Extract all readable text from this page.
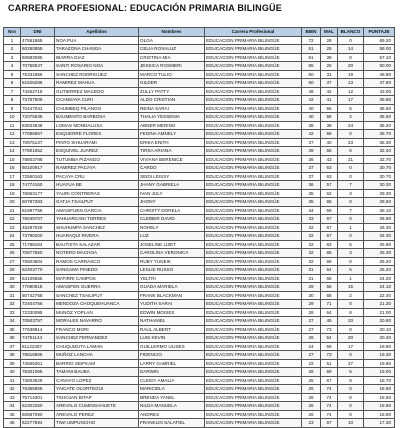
CARRERA PROFESIONAL: EDUCACIÓN PRIMARIA BILINGÜE
Nro	DNI	Apellidos	Nombres	Carrera Profesional	BIEN	MAL	BLANCO	PUNTAJE
1	47551865	NOA PUA	OLGA	EDUCACION PRIMARIA BILINGÜE	72	28	0	69.20
2	60280855	TARAZONA CHANGA	CELIA ROSALUZ	EDUCACION PRIMARIA BILINGÜE	61	25	14	59.00
3	60883095	IBARRA DIAZ	CRISTINA MIA	EDUCACION PRIMARIA BILINGÜE	61	39	0	57.10
4	70758537	SANTI ROSARIO NOA	JESSICA ROSMERI	EDUCACION PRIMARIA BILINGÜE	55	25	20	50.00
5	76331656	SANCHEZ RODRIGUEZ	MARCO TULIO	EDUCACION PRIMARIA BILINGÜE	50	31	19	48.80
6	61626286	RAMIREZ MAHUA	GILDER	EDUCACION PRIMARIA BILINGÜE	50	37	13	47.80
7	74262719	GUTIERREZ MACEDO	ZULLY PATTY	EDUCACION PRIMARIA BILINGÜE	46	42	12	43.00
8	73767509	CCANSAYA CURI	ALDO CRISTIAN	EDUCACION PRIMARIA BILINGÜE	42	41	17	39.60
9	70447041	CHUMBEQ PILANGO	REINA SARAI	EDUCACION PRIMARIA BILINGÜE	40	55	5	36.50
10	72075535	BAUMENTO BARBOSA	THALIA YESSENIA	EDUCACION PRIMARIA BILINGÜE	40	58	2	35.50
11	63834838	LOMAS MONDALUSA	ABNER MERINO	EDUCACION PRIMARIA BILINGÜE	38	38	24	35.20
12	77095867	ESQUERRE FLORES	FEDINA AMNELY	EDUCACION PRIMARIA BILINGÜE	42	58	0	36.70
13	70975137	PINTO SIHUARAMI	ERIKA ENITH	EDUCACION PRIMARIA BILINGÜE	37	40	23	35.30
14	77801652	ESQUIVEL JUAREZ	TIRSA ARIANA	EDUCACION PRIMARIA BILINGÜE	39	55	6	32.40
15	78803788	TUTUMBA PIZANGO	VIVIANA BERENICE	EDUCACION PRIMARIA BILINGÜE	36	43	21	32.70
16	60100917	RAMIREZ PACAYA	CARDO	EDUCACION PRIMARIA BILINGÜE	37	63	0	30.70
17	72560163	PACAYA CRU	SEIDI LEISSY	EDUCACION PRIMARIA BILINGÜE	37	63	0	30.70
18	74774160	HUAYUA BE	JHANY GABRIELA	EDUCACION PRIMARIA BILINGÜE	36	57	7	30.30
19	76863177	YAURI CONTRERAS	IVAN JULY	EDUCACION PRIMARIA BILINGÜE	35	62	3	29.30
20	60787283	GATJA TSAILPUT	JHONY	EDUCACION PRIMARIA BILINGÜE	35	65	0	28.50
21	61997755	AMASIFUEN GARCIA	CHRISTY DORELA	EDUCACION PRIMARIA BILINGÜE	34	59	7	28.10
22	76049707	YAHUARCANI TORRES	CLEIBER DAVID	EDUCACION PRIMARIA BILINGÜE	33	67	0	26.90
23	46287029	SHUHUMPA SANCHEZ	NOHELY	EDUCACION PRIMARIA BILINGÜE	32	67	1	26.30
24	73790200	HUARAQUI RIVERA	LUZ	EDUCACION PRIMARIA BILINGÜE	32	67	0	26.30
25	71788164	BAUTISTA SALAZAR	JOSELINE LIZET	EDUCACION PRIMARIA BILINGÜE	32	63	5	25.80
26	70877550	NOTERO MACHOA	CAROLINA VERONICA	EDUCACION PRIMARIA BILINGÜE	32	65	3	25.30
27	75503604	RAMOS CARRASCO	RUBY YUNEIK	EDUCACION PRIMARIA BILINGÜE	32	68	0	25.20
28	62403770	SANGAMA PINEDO	LESLIE RUSSO	EDUCACION PRIMARIA BILINGÜE	31	64	5	25.20
29	63109655	MATIRRI CAMPOS	YELTRI	EDUCACION PRIMARIA BILINGÜE	31	68	1	24.20
30	77090818	AMASIFEN GUERRA	GUADA MARIELA	EDUCACION PRIMARIA BILINGÜE	29	56	15	24.10
31	60742758	SANCHEZ TSAILIPUT	FRANK BLACKMAN	EDUCACION PRIMARIA BILINGÜE	30	68	2	22.40
32	72404756	MENDOZA CHOQUEHUANCA	YUDITH SARAI	EDUCACION PRIMARIA BILINGÜE	29	71	0	21.30
33	72330095	MUNOZ YOPLAN	EDWIN MOISES	EDUCACION PRIMARIA BILINGÜE	28	64	8	21.00
34	70503757	MORALES NAVARRO	NATHANIEL	EDUCACION PRIMARIA BILINGÜE	27	45	33	20.80
35	77638814	FRANCO MORI	RAUL ALBERT	EDUCACION PRIMARIA BILINGÜE	27	73	0	20.10
36	74751144	SANCHEZ FERNANDEZ	LUIS KEVIN	EDUCACION PRIMARIA BILINGÜE	26	54	20	20.40
37	61122387	CHUQUIZUTA LAMAN	GUILLERMO ULISES	EDUCACION PRIMARIA BILINGÜE	24	59	17	19.80
38	78816865	MUÑOZ LANCHA	FIDENCIO	EDUCACION PRIMARIA BILINGÜE	27	73	0	19.30
39	74555361	BARRIO SEIFKAM	LARRY GABRIEL	EDUCACION PRIMARIA BILINGÜE	22	51	27	19.60
40	78301065	TAMANI BAUBA	DARWIN	EDUCACION PRIMARIA BILINGÜE	26	69	5	19.00
41	73803629	CANAYO LOPEZ	CLEIDY AMALIA	EDUCACION PRIMARIA BILINGÜE	25	67	8	18.70
42	76355965	YAICATE OLORTEGUI	MARICIELA	EDUCACION PRIMARIA BILINGÜE	26	74	0	18.60
43	75714301	TSHOJAN BITAP	BRENDA YANEL	EDUCACION PRIMARIA BILINGÜE	26	74	0	18.60
44	62302250	AREVALO CUMINGAHUETE	NILDA MANUELA	EDUCACION PRIMARIA BILINGÜE	26	74	0	18.60
45	60887090	AREVALO PEREZ	ANDRES	EDUCACION PRIMARIA BILINGÜE	26	74	0	18.60
46	62277594	TIWI UMPUNCHIG	FRANKLIN SALATIEL	EDUCACION PRIMARIA BILINGÜE	23	67	10	17.30
